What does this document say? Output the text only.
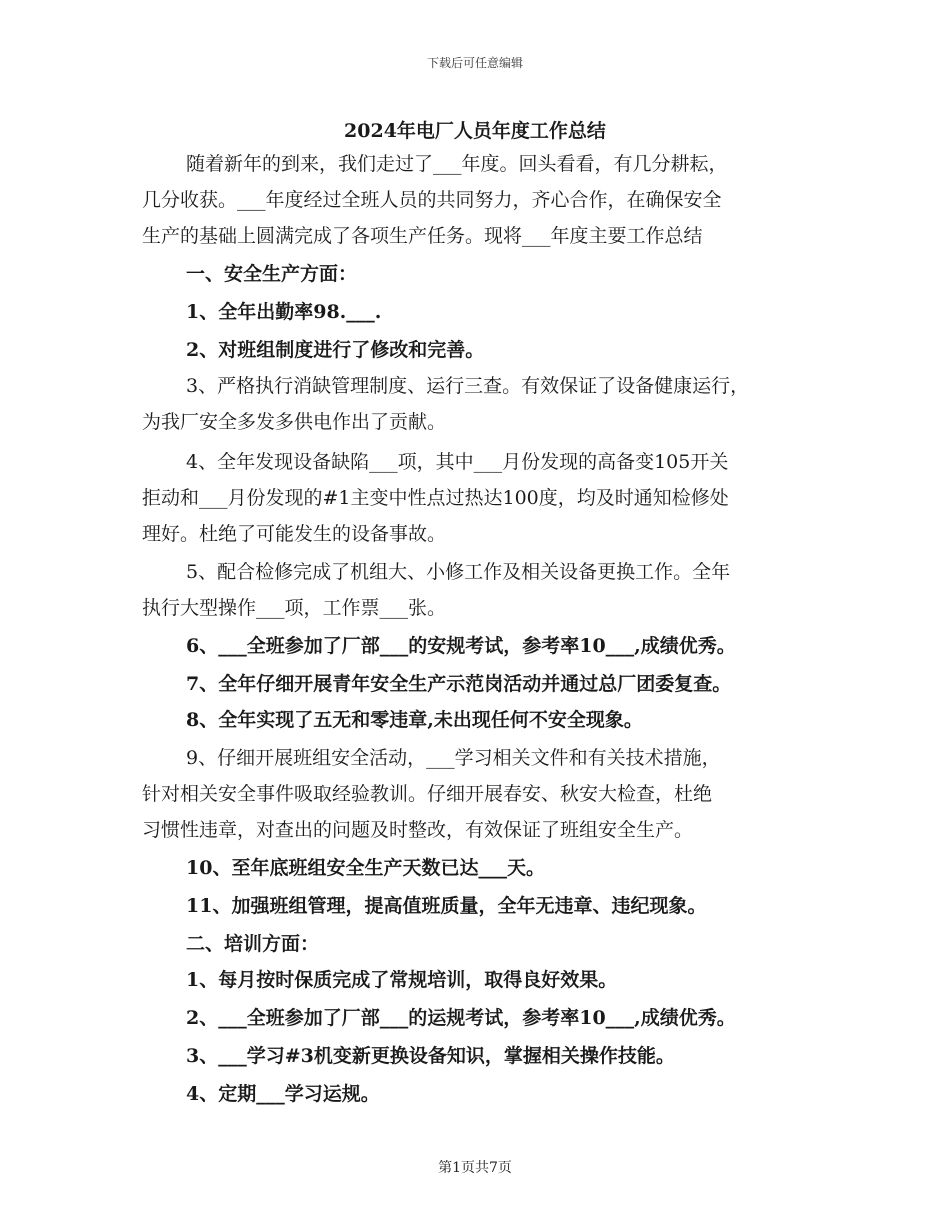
下载后可任意编辑
2024年电厂人员年度工作总结
随着新年的到来，我们走过了___年度。回头看看，有几分耕耘，
几分收获。___年度经过全班人员的共同努力，齐心合作，在确保安全
生产的基础上圆满完成了各项生产任务。现将___年度主要工作总结
一、安全生产方面：
1、全年出勤率98.___.
2、对班组制度进行了修改和完善。
3、严格执行消缺管理制度、运行三查。有效保证了设备健康运行，
为我厂安全多发多供电作出了贡献。
4、全年发现设备缺陷___项，其中___月份发现的高备变105开关
拒动和___月份发现的#1主变中性点过热达100度，均及时通知检修处
理好。杜绝了可能发生的设备事故。
5、配合检修完成了机组大、小修工作及相关设备更换工作。全年
执行大型操作___项，工作票___张。
6、___全班参加了厂部___的安规考试，参考率10___,成绩优秀。
7、全年仔细开展青年安全生产示范岗活动并通过总厂团委复查。
8、全年实现了五无和零违章,未出现任何不安全现象。
9、仔细开展班组安全活动，___学习相关文件和有关技术措施，
针对相关安全事件吸取经验教训。仔细开展春安、秋安大检查，杜绝
习惯性违章，对查出的问题及时整改，有效保证了班组安全生产。
10、至年底班组安全生产天数已达___天。
11、加强班组管理，提高值班质量，全年无违章、违纪现象。
二、培训方面：
1、每月按时保质完成了常规培训，取得良好效果。
2、___全班参加了厂部___的运规考试，参考率10___,成绩优秀。
3、___学习#3机变新更换设备知识，掌握相关操作技能。
4、定期___学习运规。
第1页共7页
